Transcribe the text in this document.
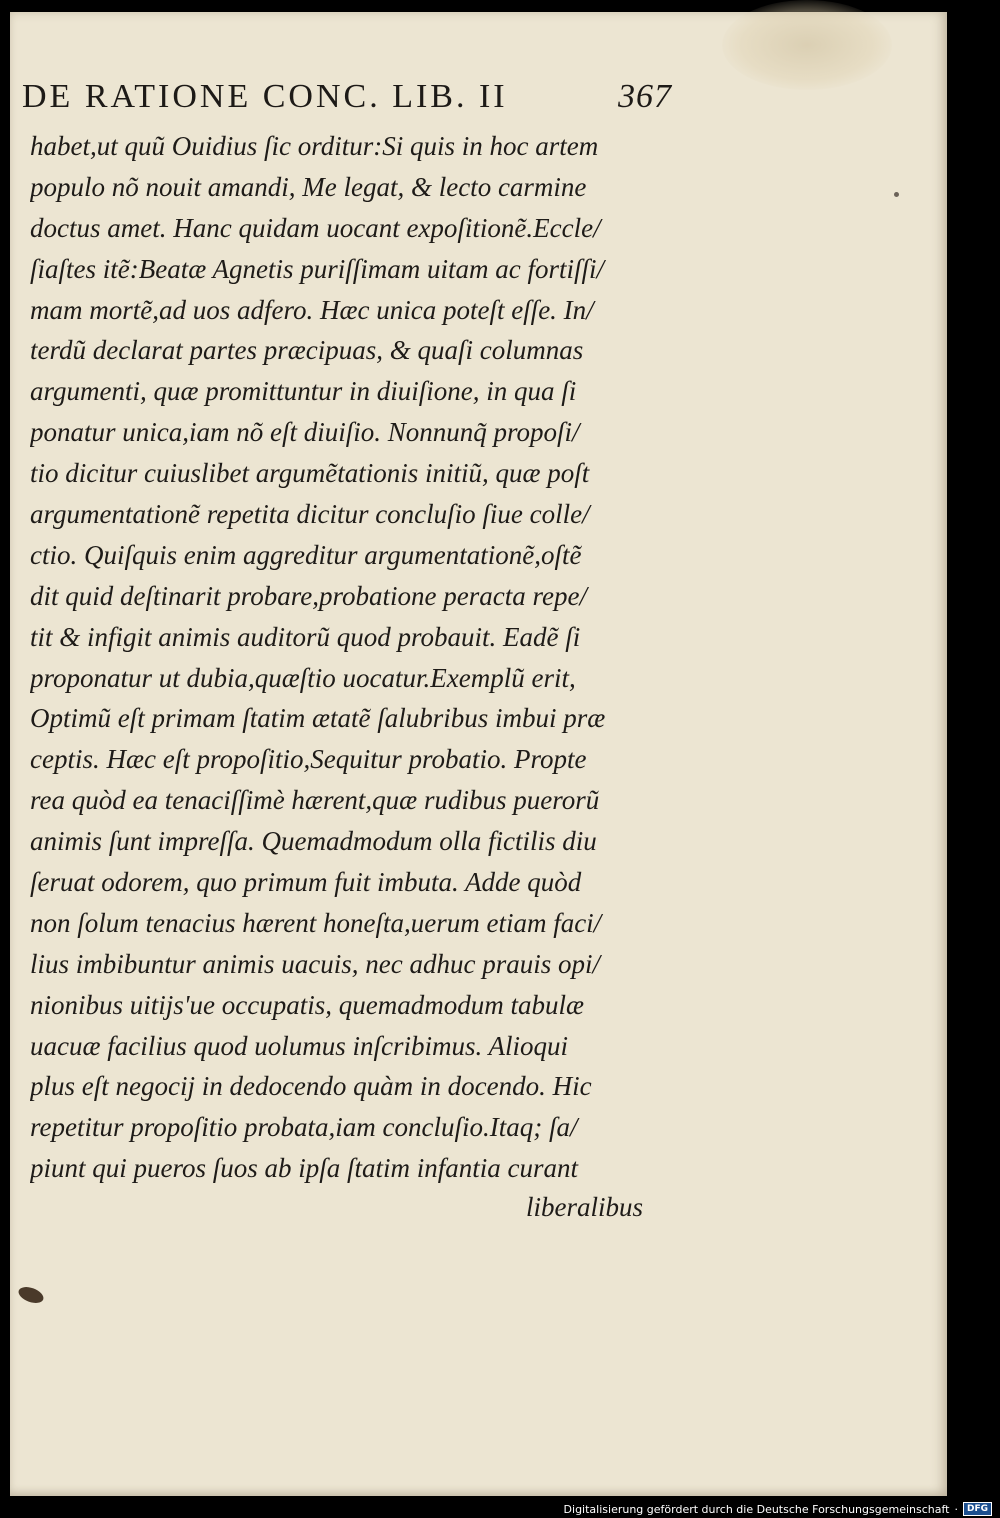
DE RATIONE CONC. LIB. II	367
habet,ut quũ Ouidius ſic orditur:Si quis in hoc artem
populo nõ nouit amandi, Me legat, & lecto carmine
doctus amet. Hanc quidam uocant expoſitionẽ.Eccle/
ſiaſtes itẽ:Beatæ Agnetis puriſſimam uitam ac fortiſſi/
mam mortẽ,ad uos adfero. Hæc unica poteſt eſſe. In/
terdũ declarat partes præcipuas, & quaſi columnas
argumenti, quæ promittuntur in diuiſione, in qua ſi
ponatur unica,iam nõ eſt diuiſio. Nonnunq̃ propoſi/
tio dicitur cuiuslibet argumẽtationis initiũ, quæ poſt
argumentationẽ repetita dicitur concluſio ſiue colle/
ctio. Quiſquis enim aggreditur argumentationẽ,oſtẽ
dit quid deſtinarit probare,probatione peracta repe/
tit & infigit animis auditorũ quod probauit. Eadẽ ſi
proponatur ut dubia,quæſtio uocatur.Exemplũ erit,
Optimũ eſt primam ſtatim ætatẽ ſalubribus imbui præ
ceptis. Hæc eſt propoſitio,Sequitur probatio. Propte
rea quòd ea tenaciſſimè hærent,quæ rudibus puerorũ
animis ſunt impreſſa. Quemadmodum olla fictilis diu
ſeruat odorem, quo primum fuit imbuta. Adde quòd
non ſolum tenacius hærent honeſta,uerum etiam faci/
lius imbibuntur animis uacuis, nec adhuc prauis opi/
nionibus uitijs'ue occupatis, quemadmodum tabulæ
uacuæ facilius quod uolumus inſcribimus. Alioqui
plus eſt negocij in dedocendo quàm in docendo. Hic
repetitur propoſitio probata,iam concluſio.Itaq; ſa/
piunt qui pueros ſuos ab ipſa ſtatim infantia curant
liberalibus
Digitalisierung gefördert durch die Deutsche Forschungsgemeinschaft ·	DFG
